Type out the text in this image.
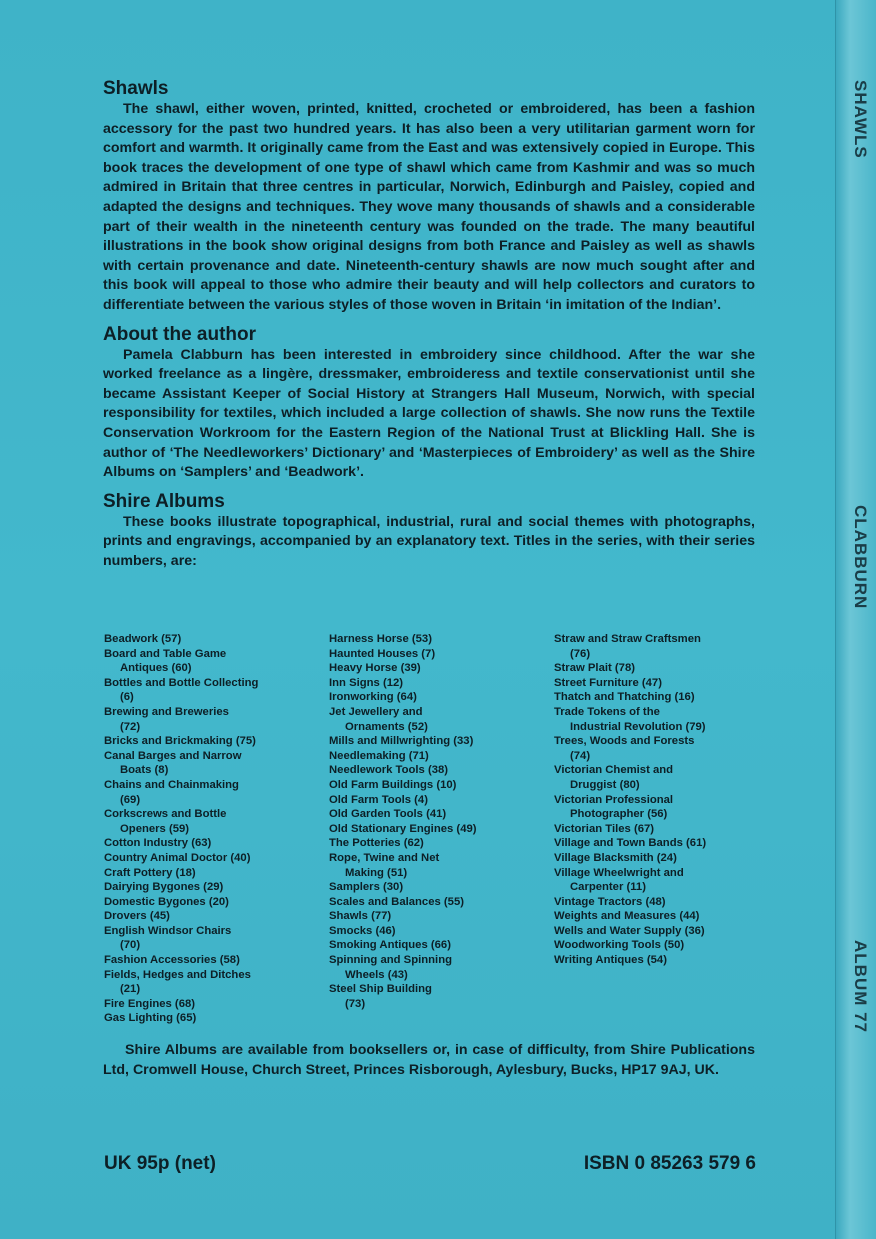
SHAWLS
CLABBURN
ALBUM 77
Shawls

The shawl, either woven, printed, knitted, crocheted or embroidered, has been a fashion accessory for the past two hundred years. It has also been a very utilitarian garment worn for comfort and warmth. It originally came from the East and was extensively copied in Europe. This book traces the development of one type of shawl which came from Kashmir and was so much admired in Britain that three centres in particular, Norwich, Edinburgh and Paisley, copied and adapted the designs and techniques. They wove many thousands of shawls and a considerable part of their wealth in the nineteenth century was founded on the trade. The many beautiful illustrations in the book show original designs from both France and Paisley as well as shawls with certain provenance and date. Nineteenth-century shawls are now much sought after and this book will appeal to those who admire their beauty and will help collectors and curators to differentiate between the various styles of those woven in Britain ‘in imitation of the Indian’.

About the author

Pamela Clabburn has been interested in embroidery since childhood. After the war she worked freelance as a lingère, dressmaker, embroideress and textile conservationist until she became Assistant Keeper of Social History at Strangers Hall Museum, Norwich, with special responsibility for textiles, which included a large collection of shawls. She now runs the Textile Conservation Workroom for the Eastern Region of the National Trust at Blickling Hall. She is author of ‘The Needleworkers’ Dictionary’ and ‘Masterpieces of Embroidery’ as well as the Shire Albums on ‘Samplers’ and ‘Beadwork’.

Shire Albums

These books illustrate topographical, industrial, rural and social themes with photographs, prints and engravings, accompanied by an explanatory text. Titles in the series, with their series numbers, are:

Beadwork (57)
Board and Table Game
Antiques (60)
Bottles and Bottle Collecting
(6)
Brewing and Breweries
(72)
Bricks and Brickmaking (75)
Canal Barges and Narrow
Boats (8)
Chains and Chainmaking
(69)
Corkscrews and Bottle
Openers (59)
Cotton Industry (63)
Country Animal Doctor (40)
Craft Pottery (18)
Dairying Bygones (29)
Domestic Bygones (20)
Drovers (45)
English Windsor Chairs
(70)
Fashion Accessories (58)
Fields, Hedges and Ditches
(21)
Fire Engines (68)
Gas Lighting (65)
Harness Horse (53)
Haunted Houses (7)
Heavy Horse (39)
Inn Signs (12)
Ironworking (64)
Jet Jewellery and
Ornaments (52)
Mills and Millwrighting (33)
Needlemaking (71)
Needlework Tools (38)
Old Farm Buildings (10)
Old Farm Tools (4)
Old Garden Tools (41)
Old Stationary Engines (49)
The Potteries (62)
Rope, Twine and Net
Making (51)
Samplers (30)
Scales and Balances (55)
Shawls (77)
Smocks (46)
Smoking Antiques (66)
Spinning and Spinning
Wheels (43)
Steel Ship Building
(73)
Straw and Straw Craftsmen
(76)
Straw Plait (78)
Street Furniture (47)
Thatch and Thatching (16)
Trade Tokens of the
Industrial Revolution (79)
Trees, Woods and Forests
(74)
Victorian Chemist and
Druggist (80)
Victorian Professional
Photographer (56)
Victorian Tiles (67)
Village and Town Bands (61)
Village Blacksmith (24)
Village Wheelwright and
Carpenter (11)
Vintage Tractors (48)
Weights and Measures (44)
Wells and Water Supply (36)
Woodworking Tools (50)
Writing Antiques (54)

Shire Albums are available from booksellers or, in case of difficulty, from Shire Publications Ltd, Cromwell House, Church Street, Princes Risborough, Aylesbury, Bucks, HP17 9AJ, UK.

UK 95p (net)	ISBN 0 85263 579 6
